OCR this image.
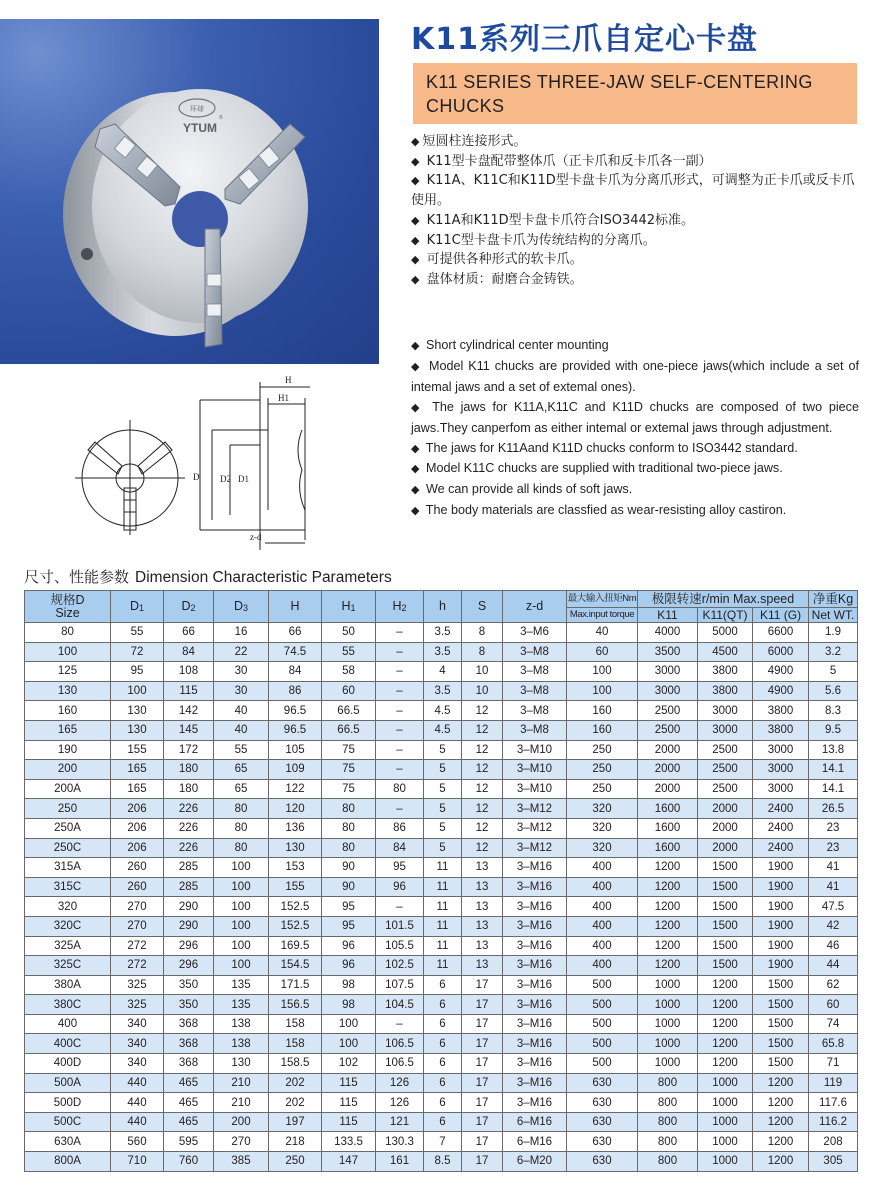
环球
YTUM
®
K11系列三爪自定心卡盘
K11 SERIES THREE-JAW SELF-CENTERING
CHUCKS

◆ 短圆柱连接形式。

◆ K11型卡盘配带整体爪（正卡爪和反卡爪各一副）

◆ K11A、K11C和K11D型卡盘卡爪为分离爪形式，可调整为正卡爪或反卡爪使用。

◆ K11A和K11D型卡盘卡爪符合ISO3442标准。

◆ K11C型卡盘卡爪为传统结构的分离爪。

◆ 可提供各种形式的软卡爪。

◆ 盘体材质：耐磨合金铸铁。

◆ Short cylindrical center mounting

◆ Model K11 chucks are provided with one-piece jaws(which include a set of intemal jaws and a set of extemal ones).

◆ The jaws for K11A,K11C and K11D chucks are composed of two piece jaws.They canperfom as either intemal or extemal jaws through adjustment.

◆ The jaws for K11Aand K11D chucks conform to ISO3442 standard.

◆ Model K11C chucks are supplied with traditional two-piece jaws.

◆ We can provide all kinds of soft jaws.

◆ The body materials are classfied as wear-resisting alloy castiron.

H
H1
D D2 D1
z-d
尺寸、性能参数 Dimension Characteristic Parameters
规格D
Size	$D_1$	$D_2$	$D_3$	H	$H_1$	$H_2$	h	S	z-d	最大输入扭矩Nm	极限转速r/min Max.speed			净重Kg
										Max.input torque	K11	K11(QT)	K11 (G)	Net WT.
80	55	66	16	66	50	–	3.5	8	3–M6	40	4000	5000	6600	1.9
100	72	84	22	74.5	55	–	3.5	8	3–M8	60	3500	4500	6000	3.2
125	95	108	30	84	58	–	4	10	3–M8	100	3000	3800	4900	5
130	100	115	30	86	60	–	3.5	10	3–M8	100	3000	3800	4900	5.6
160	130	142	40	96.5	66.5	–	4.5	12	3–M8	160	2500	3000	3800	8.3
165	130	145	40	96.5	66.5	–	4.5	12	3–M8	160	2500	3000	3800	9.5
190	155	172	55	105	75	–	5	12	3–M10	250	2000	2500	3000	13.8
200	165	180	65	109	75	–	5	12	3–M10	250	2000	2500	3000	14.1
200A	165	180	65	122	75	80	5	12	3–M10	250	2000	2500	3000	14.1
250	206	226	80	120	80	–	5	12	3–M12	320	1600	2000	2400	26.5
250A	206	226	80	136	80	86	5	12	3–M12	320	1600	2000	2400	23
250C	206	226	80	130	80	84	5	12	3–M12	320	1600	2000	2400	23
315A	260	285	100	153	90	95	11	13	3–M16	400	1200	1500	1900	41
315C	260	285	100	155	90	96	11	13	3–M16	400	1200	1500	1900	41
320	270	290	100	152.5	95	–	11	13	3–M16	400	1200	1500	1900	47.5
320C	270	290	100	152.5	95	101.5	11	13	3–M16	400	1200	1500	1900	42
325A	272	296	100	169.5	96	105.5	11	13	3–M16	400	1200	1500	1900	46
325C	272	296	100	154.5	96	102.5	11	13	3–M16	400	1200	1500	1900	44
380A	325	350	135	171.5	98	107.5	6	17	3–M16	500	1000	1200	1500	62
380C	325	350	135	156.5	98	104.5	6	17	3–M16	500	1000	1200	1500	60
400	340	368	138	158	100	–	6	17	3–M16	500	1000	1200	1500	74
400C	340	368	138	158	100	106.5	6	17	3–M16	500	1000	1200	1500	65.8
400D	340	368	130	158.5	102	106.5	6	17	3–M16	500	1000	1200	1500	71
500A	440	465	210	202	115	126	6	17	3–M16	630	800	1000	1200	119
500D	440	465	210	202	115	126	6	17	3–M16	630	800	1000	1200	117.6
500C	440	465	200	197	115	121	6	17	6–M16	630	800	1000	1200	116.2
630A	560	595	270	218	133.5	130.3	7	17	6–M16	630	800	1000	1200	208
800A	710	760	385	250	147	161	8.5	17	6–M20	630	800	1000	1200	305
